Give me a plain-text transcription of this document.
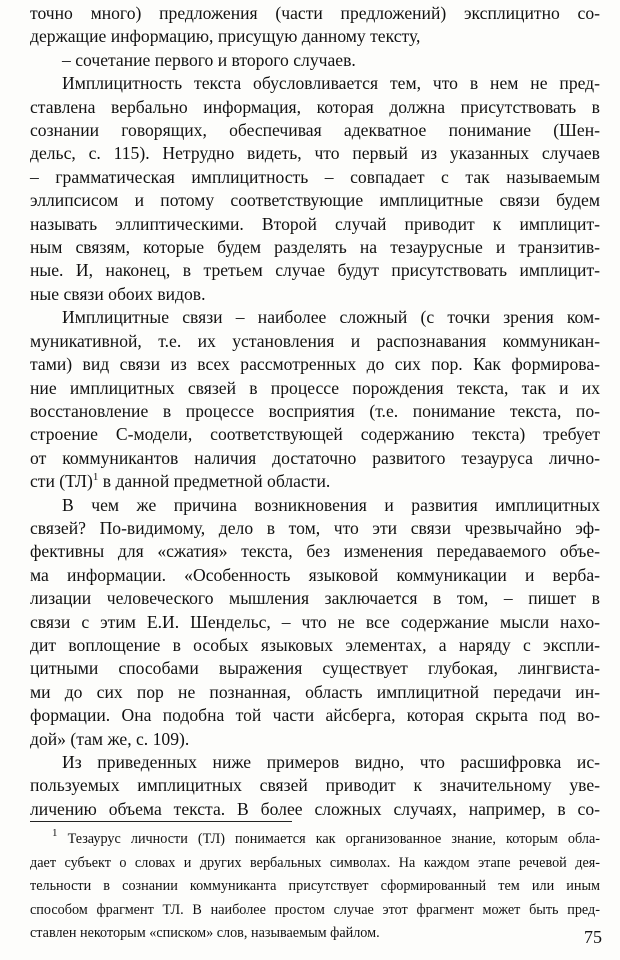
точно много) предложения (части предложений) эксплицитно со-
держащие информацию, присущую данному тексту,

– сочетание первого и второго случаев.

Имплицитность текста обусловливается тем, что в нем не пред-
ставлена вербально информация, которая должна присутствовать в
сознании говорящих, обеспечивая адекватное понимание (Шен-
дельс, с. 115). Нетрудно видеть, что первый из указанных случаев
– грамматическая имплицитность – совпадает с так называемым
эллипсисом и потому соответствующие имплицитные связи будем
называть эллиптическими. Второй случай приводит к имплицит-
ным связям, которые будем разделять на тезаурусные и транзитив-
ные. И, наконец, в третьем случае будут присутствовать имплицит-
ные связи обоих видов.

Имплицитные связи – наиболее сложный (с точки зрения ком-
муникативной, т.е. их установления и распознавания коммуникан-
тами) вид связи из всех рассмотренных до сих пор. Как формирова-
ние имплицитных связей в процессе порождения текста, так и их
восстановление в процессе восприятия (т.е. понимание текста, по-
строение С-модели, соответствующей содержанию текста) требует
от коммуникантов наличия достаточно развитого тезауруса лично-
сти (ТЛ)$^1$ в данной предметной области.

В чем же причина возникновения и развития имплицитных
связей? По-видимому, дело в том, что эти связи чрезвычайно эф-
фективны для «сжатия» текста, без изменения передаваемого объе-
ма информации. «Особенность языковой коммуникации и верба-
лизации человеческого мышления заключается в том, – пишет в
связи с этим Е.И. Шендельс, – что не все содержание мысли нахо-
дит воплощение в особых языковых элементах, а наряду с экспли-
цитными способами выражения существует глубокая, лингвиста-
ми до сих пор не познанная, область имплицитной передачи ин-
формации. Она подобна той части айсберга, которая скрыта под во-
дой» (там же, с. 109).

Из приведенных ниже примеров видно, что расшифровка ис-
пользуемых имплицитных связей приводит к значительному уве-
личению объема текста. В более сложных случаях, например, в со-

$^1$ Тезаурус личности (ТЛ) понимается как организованное знание, которым обла-
дает субъект о словах и других вербальных символах. На каждом этапе речевой дея-
тельности в сознании коммуниканта присутствует сформированный тем или иным
способом фрагмент ТЛ. В наиболее простом случае этот фрагмент может быть пред-
ставлен некоторым «списком» слов, называемым файлом.	75
